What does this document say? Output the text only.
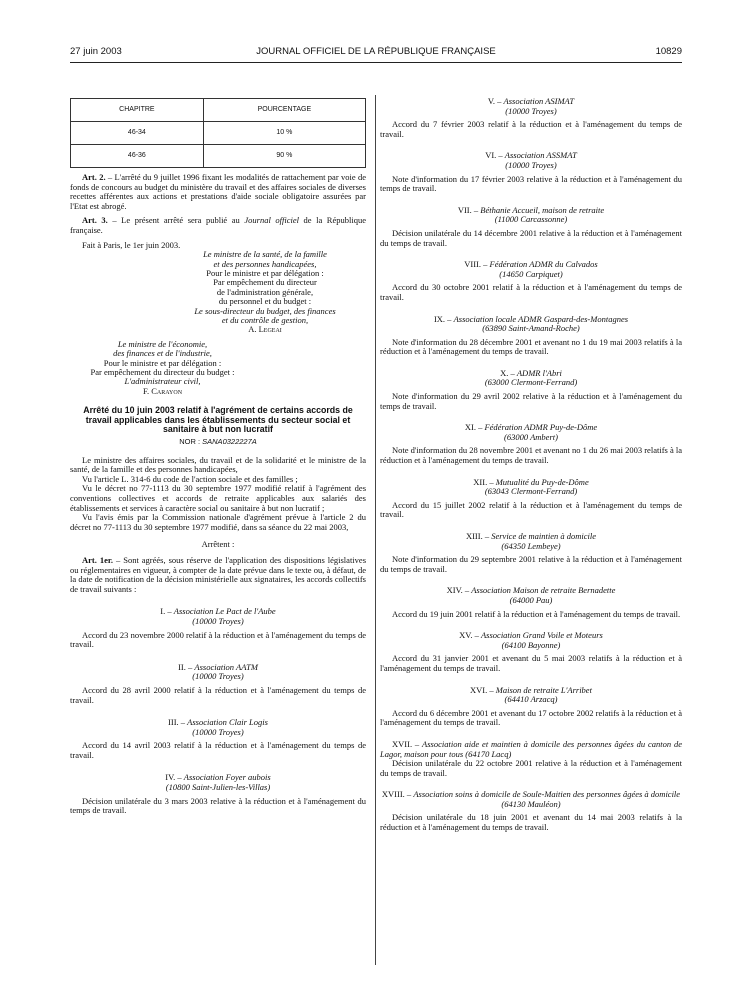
27 juin 2003	JOURNAL OFFICIEL DE LA RÉPUBLIQUE FRANÇAISE	10829
CHAPITRE	POURCENTAGE
46-34	10 %
46-36	90 %

Art. 2. – L'arrêté du 9 juillet 1996 fixant les modalités de rattachement par voie de fonds de concours au budget du ministère du travail et des affaires sociales de diverses recettes afférentes aux actions et prestations d'aide sociale obligatoire assurées par l'Etat est abrogé.

Art. 3. – Le présent arrêté sera publié au Journal officiel de la République française.

Fait à Paris, le 1er juin 2003.

Le ministre de la santé, de la famille
et des personnes handicapées,
Pour le ministre et par délégation :
Par empêchement du directeur
de l'administration générale,
du personnel et du budget :
Le sous-directeur du budget, des finances
et du contrôle de gestion,
A. Legeai
Le ministre de l'économie,
des finances et de l'industrie,
Pour le ministre et par délégation :
Par empêchement du directeur du budget :
L'administrateur civil,
F. Carayon
Arrêté du 10 juin 2003 relatif à l'agrément de certains accords de travail applicables dans les établissements du secteur social et sanitaire à but non lucratif
NOR : SANA0322227A

Le ministre des affaires sociales, du travail et de la solidarité et le ministre de la santé, de la famille et des personnes handicapées,

Vu l'article L. 314-6 du code de l'action sociale et des familles ;

Vu le décret no 77-1113 du 30 septembre 1977 modifié relatif à l'agrément des conventions collectives et accords de retraite applicables aux salariés des établissements et services à caractère social ou sanitaire à but non lucratif ;

Vu l'avis émis par la Commission nationale d'agrément prévue à l'article 2 du décret no 77-1113 du 30 septembre 1977 modifié, dans sa séance du 22 mai 2003,

Arrêtent :

Art. 1er. – Sont agréés, sous réserve de l'application des dispositions législatives ou réglementaires en vigueur, à compter de la date prévue dans le texte ou, à défaut, de la date de notification de la décision ministérielle aux signataires, les accords collectifs de travail suivants :

I. – Association Le Pact de l'Aube
(10000 Troyes)

Accord du 23 novembre 2000 relatif à la réduction et à l'aménagement du temps de travail.

II. – Association AATM
(10000 Troyes)

Accord du 28 avril 2000 relatif à la réduction et à l'aménagement du temps de travail.

III. – Association Clair Logis
(10000 Troyes)

Accord du 14 avril 2003 relatif à la réduction et à l'aménagement du temps de travail.

IV. – Association Foyer aubois
(10800 Saint-Julien-les-Villas)

Décision unilatérale du 3 mars 2003 relative à la réduction et à l'aménagement du temps de travail.

V. – Association ASIMAT
(10000 Troyes)

Accord du 7 février 2003 relatif à la réduction et à l'aménagement du temps de travail.

VI. – Association ASSMAT
(10000 Troyes)

Note d'information du 17 février 2003 relative à la réduction et à l'aménagement du temps de travail.

VII. – Béthanie Accueil, maison de retraite
(11000 Carcassonne)

Décision unilatérale du 14 décembre 2001 relative à la réduction et à l'aménagement du temps de travail.

VIII. – Fédération ADMR du Calvados
(14650 Carpiquet)

Accord du 30 octobre 2001 relatif à la réduction et à l'aménagement du temps de travail.

IX. – Association locale ADMR Gaspard-des-Montagnes
(63890 Saint-Amand-Roche)

Note d'information du 28 décembre 2001 et avenant no 1 du 19 mai 2003 relatifs à la réduction et à l'aménagement du temps de travail.

X. – ADMR l'Abri
(63000 Clermont-Ferrand)

Note d'information du 29 avril 2002 relative à la réduction et à l'aménagement du temps de travail.

XI. – Fédération ADMR Puy-de-Dôme
(63000 Ambert)

Note d'information du 28 novembre 2001 et avenant no 1 du 26 mai 2003 relatifs à la réduction et à l'aménagement du temps de travail.

XII. – Mutualité du Puy-de-Dôme
(63043 Clermont-Ferrand)

Accord du 15 juillet 2002 relatif à la réduction et à l'aménagement du temps de travail.

XIII. – Service de maintien à domicile
(64350 Lembeye)

Note d'information du 29 septembre 2001 relative à la réduction et à l'aménagement du temps de travail.

XIV. – Association Maison de retraite Bernadette
(64000 Pau)

Accord du 19 juin 2001 relatif à la réduction et à l'aménagement du temps de travail.

XV. – Association Grand Voile et Moteurs
(64100 Bayonne)

Accord du 31 janvier 2001 et avenant du 5 mai 2003 relatifs à la réduction et à l'aménagement du temps de travail.

XVI. – Maison de retraite L'Arribet
(64410 Arzacq)

Accord du 6 décembre 2001 et avenant du 17 octobre 2002 relatifs à la réduction et à l'aménagement du temps de travail.

XVII. – Association aide et maintien à domicile des personnes âgées du canton de Lagor, maison pour tous (64170 Lacq)

Décision unilatérale du 22 octobre 2001 relative à la réduction et à l'aménagement du temps de travail.

XVIII. – Association soins à domicile de Soule-Maitien des personnes âgées à domicile (64130 Mauléon)

Décision unilatérale du 18 juin 2001 et avenant du 14 mai 2003 relatifs à la réduction et à l'aménagement du temps de travail.
